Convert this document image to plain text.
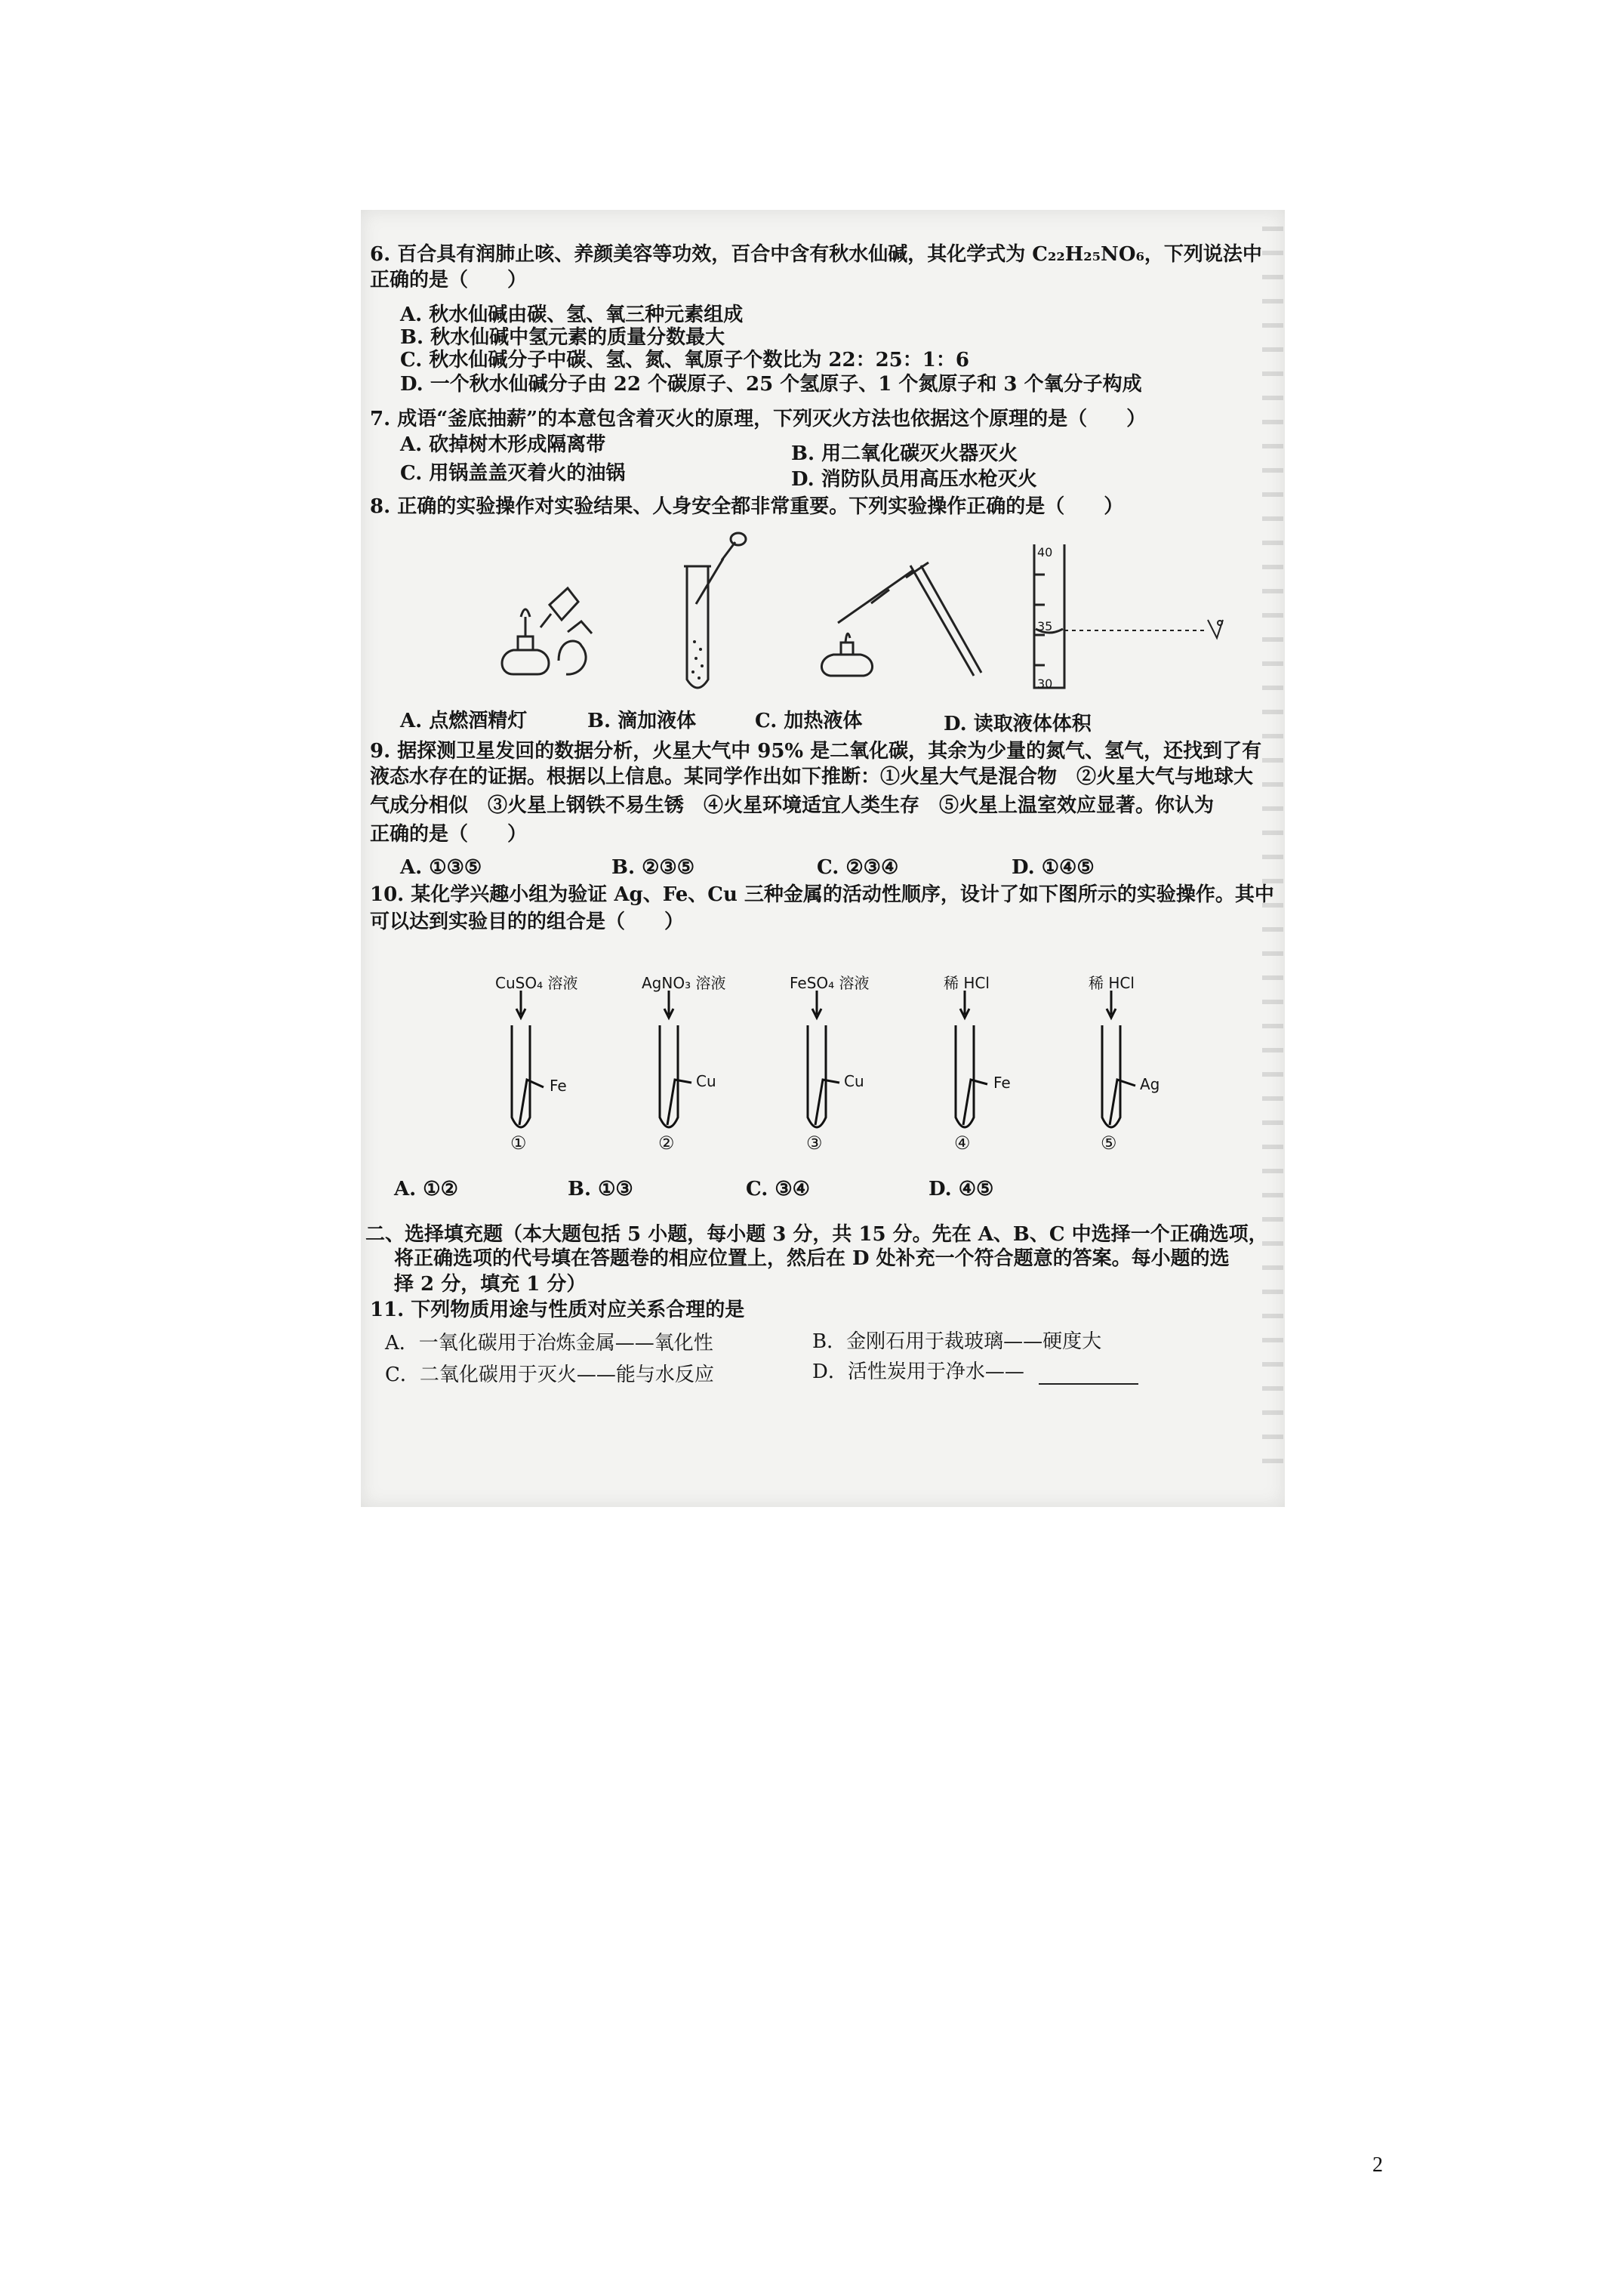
6. 百合具有润肺止咳、养颜美容等功效，百合中含有秋水仙碱，其化学式为 C₂₂H₂₅NO₆，下列说法中
正确的是（　　）
A. 秋水仙碱由碳、氢、氧三种元素组成
B. 秋水仙碱中氢元素的质量分数最大
C. 秋水仙碱分子中碳、氢、氮、氧原子个数比为 22：25：1：6
D. 一个秋水仙碱分子由 22 个碳原子、25 个氢原子、1 个氮原子和 3 个氧分子构成
7. 成语“釜底抽薪”的本意包含着灭火的原理，下列灭火方法也依据这个原理的是（　　）
A. 砍掉树木形成隔离带	B. 用二氧化碳灭火器灭火
C. 用锅盖盖灭着火的油锅	D. 消防队员用高压水枪灭火
8. 正确的实验操作对实验结果、人身安全都非常重要。下列实验操作正确的是（　　）
40
35
30
A. 点燃酒精灯	B. 滴加液体	C. 加热液体	D. 读取液体体积
9. 据探测卫星发回的数据分析，火星大气中 95% 是二氧化碳，其余为少量的氮气、氢气，还找到了有
液态水存在的证据。根据以上信息。某同学作出如下推断：①火星大气是混合物　②火星大气与地球大
气成分相似　③火星上钢铁不易生锈　④火星环境适宜人类生存　⑤火星上温室效应显著。你认为
正确的是（　　）
A. ①③⑤	B. ②③⑤	C. ②③④	D. ①④⑤
10. 某化学兴趣小组为验证 Ag、Fe、Cu 三种金属的活动性顺序，设计了如下图所示的实验操作。其中
可以达到实验目的的组合是（　　）
CuSO₄ 溶液	AgNO₃ 溶液	FeSO₄ 溶液	稀 HCl	稀 HCl
Fe	Cu	Cu	Fe	Ag
①	②	③	④	⑤
A. ①②	B. ①③	C. ③④	D. ④⑤
二、选择填充题（本大题包括 5 小题，每小题 3 分，共 15 分。先在 A、B、C 中选择一个正确选项，
将正确选项的代号填在答题卷的相应位置上，然后在 D 处补充一个符合题意的答案。每小题的选
择 2 分，填充 1 分）
11. 下列物质用途与性质对应关系合理的是
A．一氧化碳用于冶炼金属——氧化性	B．金刚石用于裁玻璃——硬度大
C．二氧化碳用于灭火——能与水反应	D．活性炭用于净水——
2
